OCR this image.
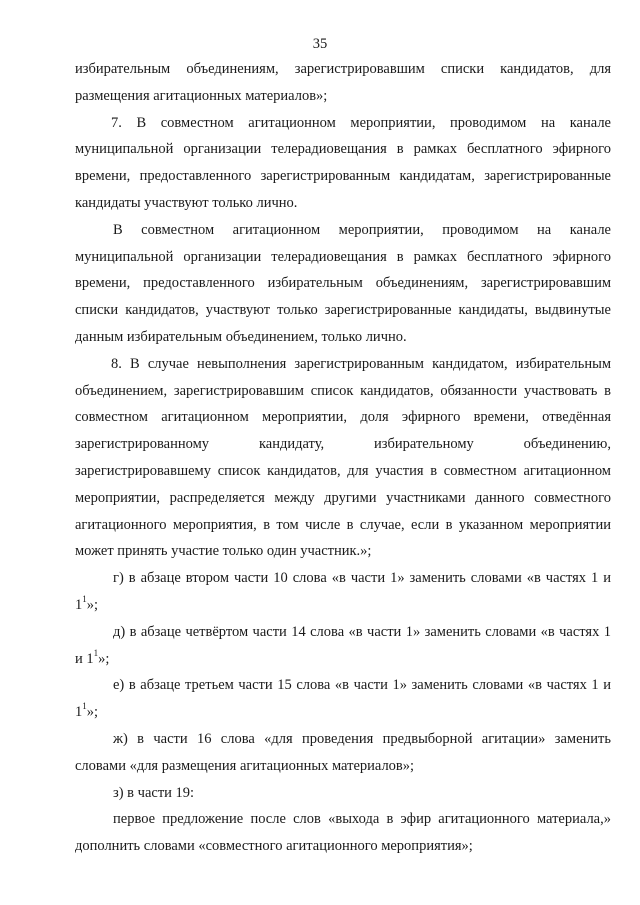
35

избирательным объединениям, зарегистрировавшим списки кандидатов, для размещения агитационных материалов»;

7. В совместном агитационном мероприятии, проводимом на канале муниципальной организации телерадиовещания в рамках бесплатного эфирного времени, предоставленного зарегистрированным кандидатам, зарегистрированные кандидаты участвуют только лично.

В совместном агитационном мероприятии, проводимом на канале муниципальной организации телерадиовещания в рамках бесплатного эфирного времени, предоставленного избирательным объединениям, зарегистрировавшим списки кандидатов, участвуют только зарегистрированные кандидаты, выдвинутые данным избирательным объединением, только лично.

8. В случае невыполнения зарегистрированным кандидатом, избирательным объединением, зарегистрировавшим список кандидатов, обязанности участвовать в совместном агитационном мероприятии, доля эфирного времени, отведённая зарегистрированному кандидату, избирательному объединению, зарегистрировавшему список кандидатов, для участия в совместном агитационном мероприятии, распределяется между другими участниками данного совместного агитационного мероприятия, в том числе в случае, если в указанном мероприятии может принять участие только один участник.»;

г) в абзаце втором части 10 слова «в части 1» заменить словами «в частях 1 и $1^1$»;

д) в абзаце четвёртом части 14 слова «в части 1» заменить словами «в частях 1 и $1^1$»;

е) в абзаце третьем части 15 слова «в части 1» заменить словами «в частях 1 и $1^1$»;

ж) в части 16 слова «для проведения предвыборной агитации» заменить словами «для размещения агитационных материалов»;

з) в части 19:

первое предложение после слов «выхода в эфир агитационного материала,» дополнить словами «совместного агитационного мероприятия»;
